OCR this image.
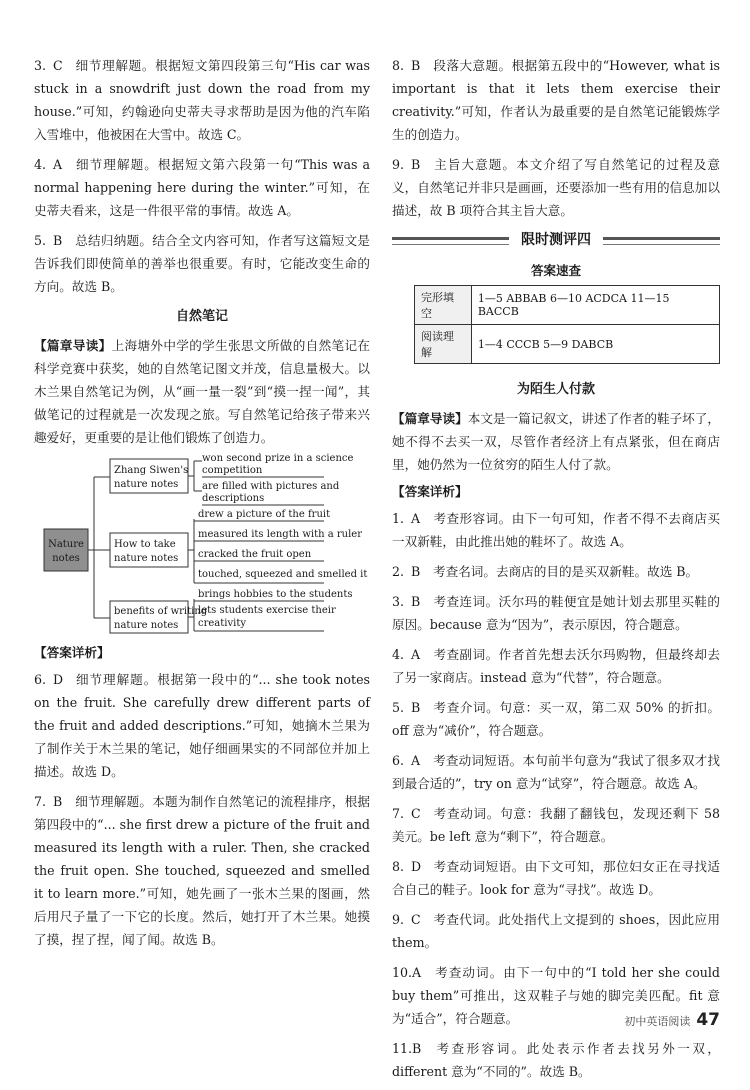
3. C 细节理解题。根据短文第四段第三句“His car was stuck in a snowdrift just down the road from my house.”可知，约翰逊向史蒂夫寻求帮助是因为他的汽车陷入雪堆中，他被困在大雪中。故选 C。

4. A 细节理解题。根据短文第六段第一句“This was a normal happening here during the winter.”可知，在史蒂夫看来，这是一件很平常的事情。故选 A。

5. B 总结归纳题。结合全文内容可知，作者写这篇短文是告诉我们即使简单的善举也很重要。有时，它能改变生命的方向。故选 B。

自然笔记

【篇章导读】上海塘外中学的学生张思文所做的自然笔记在科学竞赛中获奖，她的自然笔记图文并茂，信息量极大。以木兰果自然笔记为例，从“画一量一裂”到“摸一捏一闻”，其做笔记的过程就是一次发现之旅。写自然笔记给孩子带来兴趣爱好，更重要的是让他们锻炼了创造力。

Nature
notes
Zhang Siwen's
nature notes
won second prize in a science
competition
are filled with pictures and
descriptions
How to take
nature notes
drew a picture of the fruit
measured its length with a ruler
cracked the fruit open
touched, squeezed and smelled it
benefits of writing
nature notes
brings hobbies to the students
lets students exercise their
creativity

【答案详析】

6. D 细节理解题。根据第一段中的“... she took notes on the fruit. She carefully drew different parts of the fruit and added descriptions.”可知，她摘木兰果为了制作关于木兰果的笔记，她仔细画果实的不同部位并加上描述。故选 D。

7. B 细节理解题。本题为制作自然笔记的流程排序，根据第四段中的“... she first drew a picture of the fruit and measured its length with a ruler. Then, she cracked the fruit open. She touched, squeezed and smelled it to learn more.”可知，她先画了一张木兰果的图画，然后用尺子量了一下它的长度。然后，她打开了木兰果。她摸了摸，捏了捏，闻了闻。故选 B。

8. B 段落大意题。根据第五段中的“However, what is important is that it lets them exercise their creativity.”可知，作者认为最重要的是自然笔记能锻炼学生的创造力。

9. B 主旨大意题。本文介绍了写自然笔记的过程及意义，自然笔记并非只是画画，还要添加一些有用的信息加以描述，故 B 项符合其主旨大意。

限时测评四
答案速查
完形填空	1—5 ABBAB 6—10 ACDCA 11—15 BACCB
阅读理解	1—4 CCCB 5—9 DABCB
为陌生人付款

【篇章导读】本文是一篇记叙文，讲述了作者的鞋子坏了，她不得不去买一双，尽管作者经济上有点紧张，但在商店里，她仍然为一位贫穷的陌生人付了款。

【答案详析】

1. A 考查形容词。由下一句可知，作者不得不去商店买一双新鞋，由此推出她的鞋坏了。故选 A。

2. B 考查名词。去商店的目的是买双新鞋。故选 B。

3. B 考查连词。沃尔玛的鞋便宜是她计划去那里买鞋的原因。because 意为“因为”，表示原因，符合题意。

4. A 考查副词。作者首先想去沃尔玛购物，但最终却去了另一家商店。instead 意为“代替”，符合题意。

5. B 考查介词。句意：买一双，第二双 50% 的折扣。off 意为“减价”，符合题意。

6. A 考查动词短语。本句前半句意为“我试了很多双才找到最合适的”，try on 意为“试穿”，符合题意。故选 A。

7. C 考查动词。句意：我翻了翻钱包，发现还剩下 58 美元。be left 意为“剩下”，符合题意。

8. D 考查动词短语。由下文可知，那位妇女正在寻找适合自己的鞋子。look for 意为“寻找”。故选 D。

9. C 考查代词。此处指代上文提到的 shoes，因此应用 them。

10.A 考查动词。由下一句中的“I told her she could buy them”可推出，这双鞋子与她的脚完美匹配。fit 意为“适合”，符合题意。

11.B 考查形容词。此处表示作者去找另外一双，different 意为“不同的”。故选 B。

初中英语阅读 47
